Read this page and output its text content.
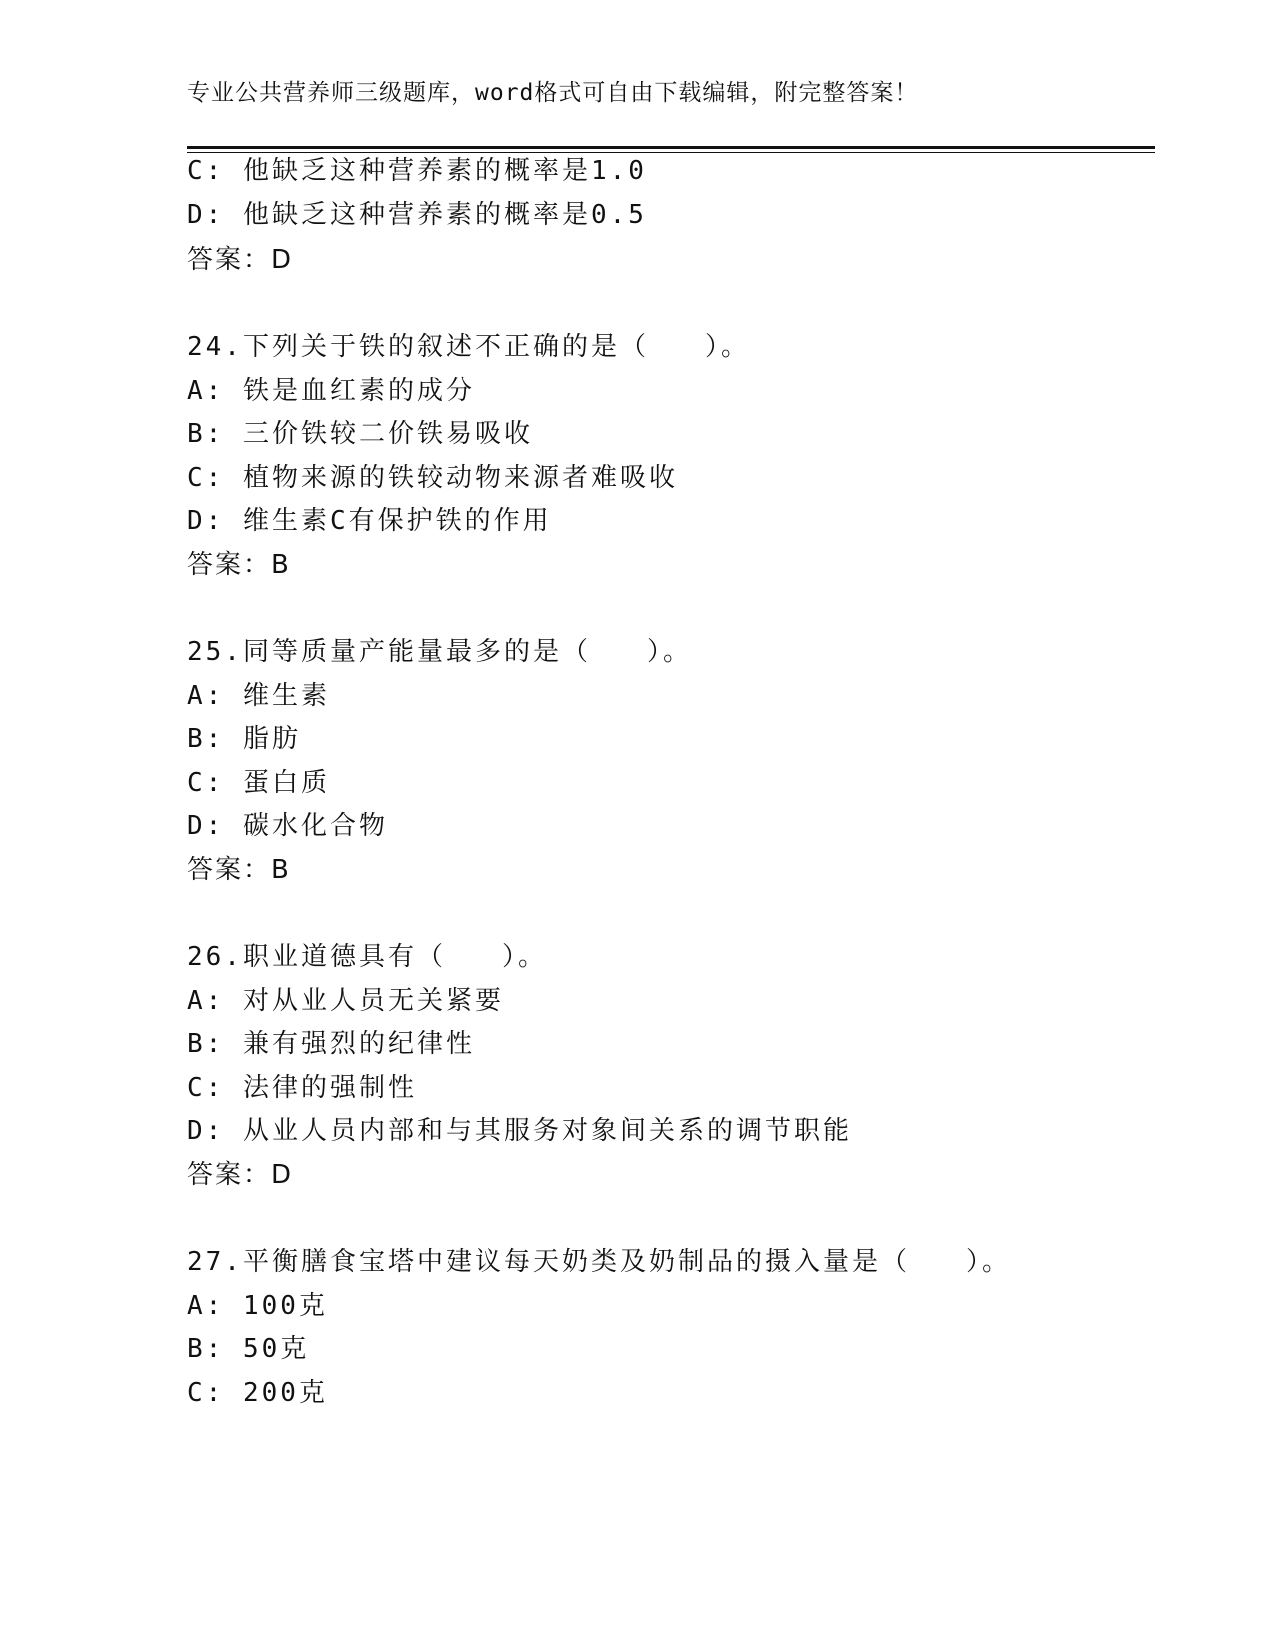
专业公共营养师三级题库，word格式可自由下载编辑，附完整答案！
C: 他缺乏这种营养素的概率是1.0
D: 他缺乏这种营养素的概率是0.5
答案：D
24.下列关于铁的叙述不正确的是（ ）。
A: 铁是血红素的成分
B: 三价铁较二价铁易吸收
C: 植物来源的铁较动物来源者难吸收
D: 维生素C有保护铁的作用
答案：B
25.同等质量产能量最多的是（ ）。
A: 维生素
B: 脂肪
C: 蛋白质
D: 碳水化合物
答案：B
26.职业道德具有（ ）。
A: 对从业人员无关紧要
B: 兼有强烈的纪律性
C: 法律的强制性
D: 从业人员内部和与其服务对象间关系的调节职能
答案：D
27.平衡膳食宝塔中建议每天奶类及奶制品的摄入量是（ ）。
A: 100克
B: 50克
C: 200克
